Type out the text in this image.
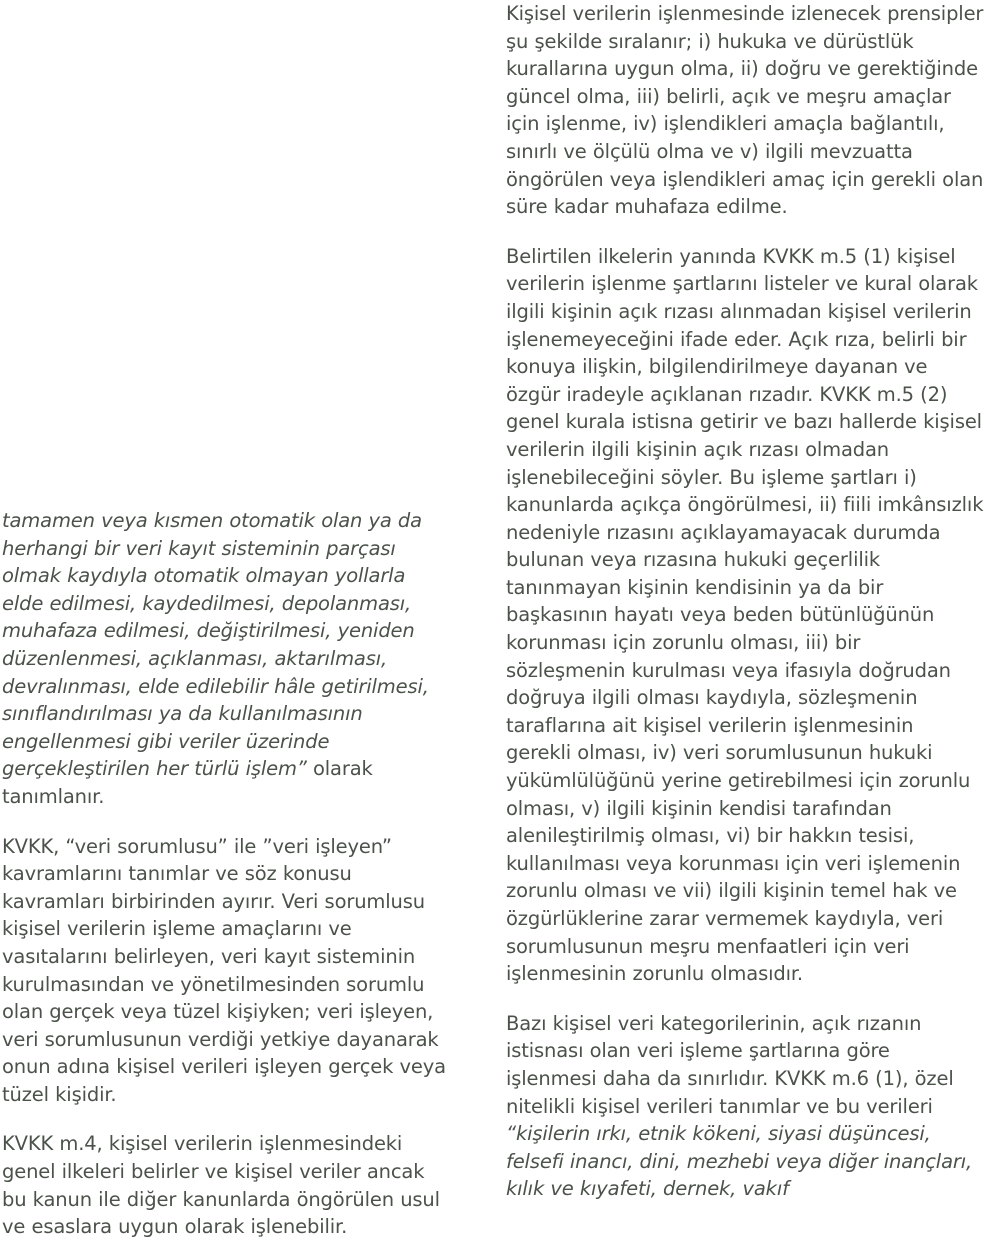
tamamen veya kısmen otomatik olan ya da herhangi bir veri kayıt sisteminin parçası olmak kaydıyla otomatik olmayan yollarla elde edilmesi, kaydedilmesi, depolanması, muhafaza edilmesi, değiştirilmesi, yeniden düzenlenmesi, açıklanması, aktarılması, devralınması, elde edilebilir hâle getirilmesi, sınıflandırılması ya da kullanılmasının engellenmesi gibi veriler üzerinde gerçekleştirilen her türlü işlem” olarak tanımlanır.

KVKK, “veri sorumlusu” ile ”veri işleyen” kavramlarını tanımlar ve söz konusu kavramları birbirinden ayırır. Veri sorumlusu kişisel verilerin işleme amaçlarını ve vasıtalarını belirleyen, veri kayıt sisteminin kurulmasından ve yönetilmesinden sorumlu olan gerçek veya tüzel kişiyken; veri işleyen, veri sorumlusunun verdiği yetkiye dayanarak onun adına kişisel verileri işleyen gerçek veya tüzel kişidir.

KVKK m.4, kişisel verilerin işlenmesindeki genel ilkeleri belirler ve kişisel veriler ancak bu kanun ile diğer kanunlarda öngörülen usul ve esaslara uygun olarak işlenebilir.

Kişisel verilerin işlenmesinde izlenecek prensipler şu şekilde sıralanır; i) hukuka ve dürüstlük kurallarına uygun olma, ii) doğru ve gerektiğinde güncel olma, iii) belirli, açık ve meşru amaçlar için işlenme, iv) işlendikleri amaçla bağlantılı, sınırlı ve ölçülü olma ve v) ilgili mevzuatta öngörülen veya işlendikleri amaç için gerekli olan süre kadar muhafaza edilme.

Belirtilen ilkelerin yanında KVKK m.5 (1) kişisel verilerin işlenme şartlarını listeler ve kural olarak ilgili kişinin açık rızası alınmadan kişisel verilerin işlenemeyeceğini ifade eder. Açık rıza, belirli bir konuya ilişkin, bilgilendirilmeye dayanan ve özgür iradeyle açıklanan rızadır. KVKK m.5 (2) genel kurala istisna getirir ve bazı hallerde kişisel verilerin ilgili kişinin açık rızası olmadan işlenebileceğini söyler. Bu işleme şartları i) kanunlarda açıkça öngörülmesi, ii) fiili imkânsızlık nedeniyle rızasını açıklayamayacak durumda bulunan veya rızasına hukuki geçerlilik tanınmayan kişinin kendisinin ya da bir başkasının hayatı veya beden bütünlüğünün korunması için zorunlu olması, iii) bir sözleşmenin kurulması veya ifasıyla doğrudan doğruya ilgili olması kaydıyla, sözleşmenin taraflarına ait kişisel verilerin işlenmesinin gerekli olması, iv) veri sorumlusunun hukuki yükümlülüğünü yerine getirebilmesi için zorunlu olması, v) ilgili kişinin kendisi tarafından alenileştirilmiş olması, vi) bir hakkın tesisi, kullanılması veya korunması için veri işlemenin zorunlu olması ve vii) ilgili kişinin temel hak ve özgürlüklerine zarar vermemek kaydıyla, veri sorumlusunun meşru menfaatleri için veri işlenmesinin zorunlu olmasıdır.

Bazı kişisel veri kategorilerinin, açık rızanın istisnası olan veri işleme şartlarına göre işlenmesi daha da sınırlıdır. KVKK m.6 (1), özel nitelikli kişisel verileri tanımlar ve bu verileri “kişilerin ırkı, etnik kökeni, siyasi düşüncesi, felsefi inancı, dini, mezhebi veya diğer inançları, kılık ve kıyafeti, dernek, vakıf
